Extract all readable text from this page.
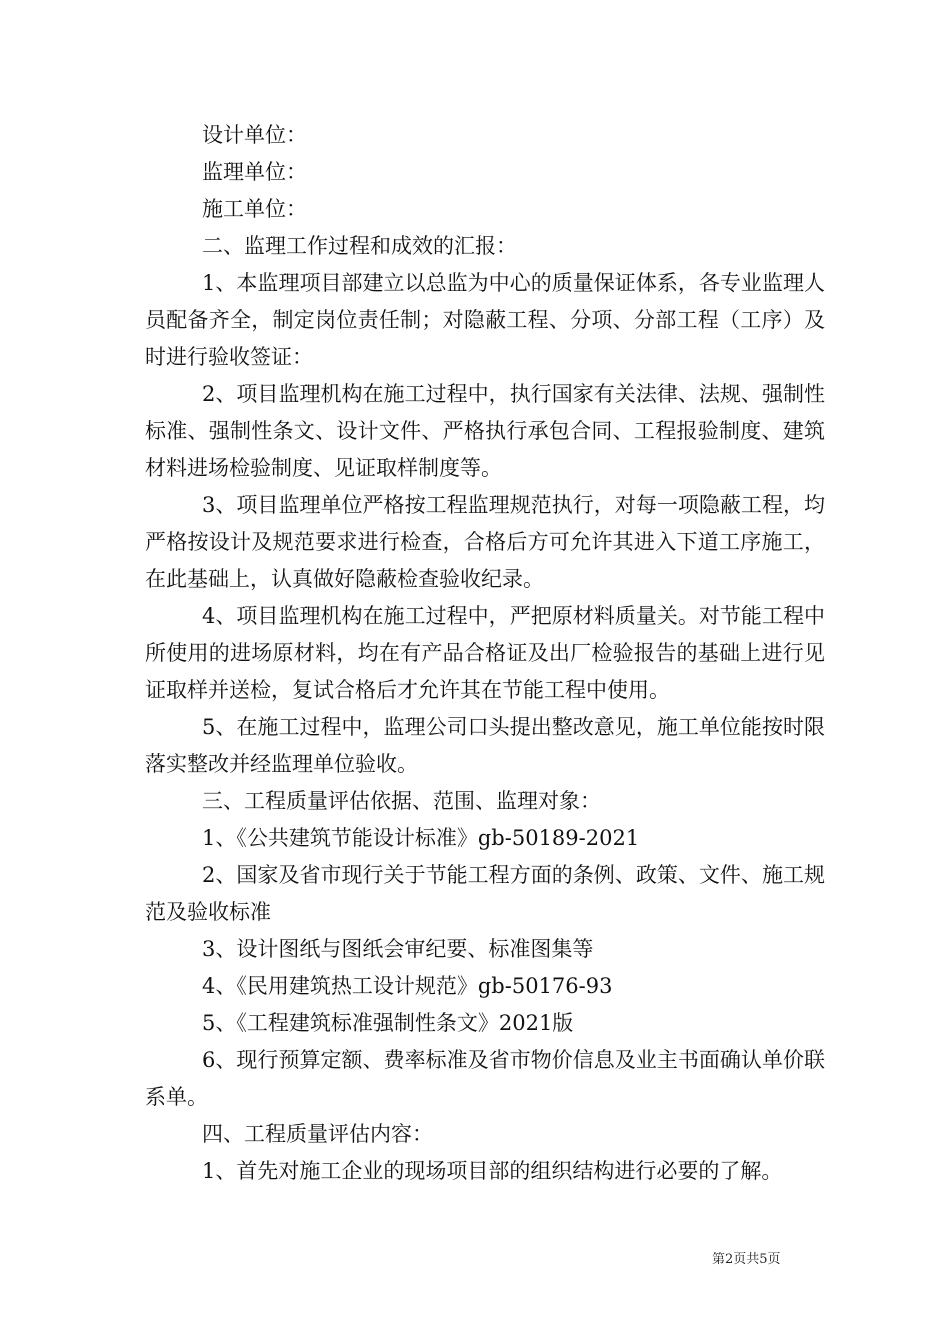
设计单位：

监理单位：

施工单位：

二、监理工作过程和成效的汇报：

1、本监理项目部建立以总监为中心的质量保证体系，各专业监理人员配备齐全，制定岗位责任制；对隐蔽工程、分项、分部工程（工序）及时进行验收签证：

2、项目监理机构在施工过程中，执行国家有关法律、法规、强制性标准、强制性条文、设计文件、严格执行承包合同、工程报验制度、建筑材料进场检验制度、见证取样制度等。

3、项目监理单位严格按工程监理规范执行，对每一项隐蔽工程，均严格按设计及规范要求进行检查，合格后方可允许其进入下道工序施工，在此基础上，认真做好隐蔽检查验收纪录。

4、项目监理机构在施工过程中，严把原材料质量关。对节能工程中所使用的进场原材料，均在有产品合格证及出厂检验报告的基础上进行见证取样并送检，复试合格后才允许其在节能工程中使用。

5、在施工过程中，监理公司口头提出整改意见，施工单位能按时限落实整改并经监理单位验收。

三、工程质量评估依据、范围、监理对象：

1、《公共建筑节能设计标准》gb-50189-2021

2、国家及省市现行关于节能工程方面的条例、政策、文件、施工规范及验收标准

3、设计图纸与图纸会审纪要、标准图集等

4、《民用建筑热工设计规范》gb-50176-93

5、《工程建筑标准强制性条文》2021版

6、现行预算定额、费率标准及省市物价信息及业主书面确认单价联系单。

四、工程质量评估内容：

1、首先对施工企业的现场项目部的组织结构进行必要的了解。

第2页共5页
